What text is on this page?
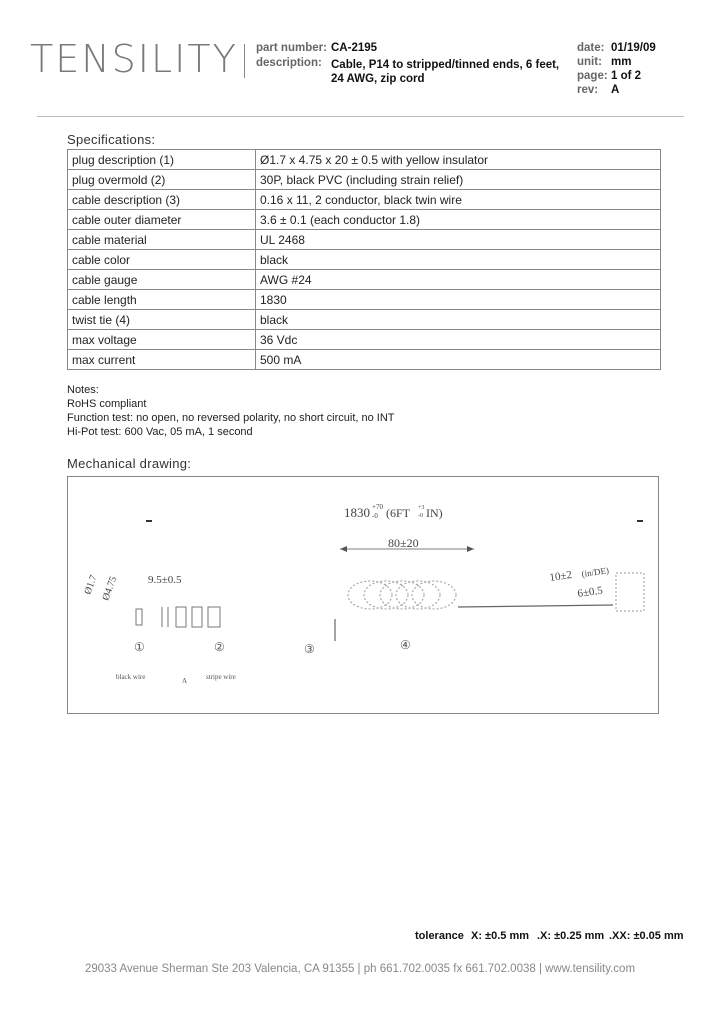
TENSILITY part number: CA-2195
description: Cable, P14 to stripped/tinned ends, 6 feet,
24 AWG, zip cord
date: 01/19/09
unit: mm
page: 1 of 2
rev: A
Specifications:
plug description (1)	Ø1.7 x 4.75 x 20 ± 0.5 with yellow insulator
plug overmold (2)	30P, black PVC (including strain relief)
cable description (3)	0.16 x 11, 2 conductor, black twin wire
cable outer diameter	3.6 ± 0.1 (each conductor 1.8)
cable material	UL 2468
cable color	black
cable gauge	AWG #24
cable length	1830
twist tie (4)	black
max voltage	36 Vdc
max current	500 mA
Notes:
RoHS compliant
Function test: no open, no reversed polarity, no short circuit, no INT
Hi-Pot test: 600 Vac, 05 mA, 1 second
Mechanical drawing:
1830 +70
-0 (6FT +3
-0 IN)
80±20
10±2 (in/DE)
6±0.5
9.5±0.5
Ø1.7 Ø4.75
①	②	③	④
black wire	A	stripe wire
tolerance X: ±0.5 mm .X: ±0.25 mm .XX: ±0.05 mm
29033 Avenue Sherman Ste 203 Valencia, CA 91355 | ph 661.702.0035 fx 661.702.0038 | www.tensility.com
